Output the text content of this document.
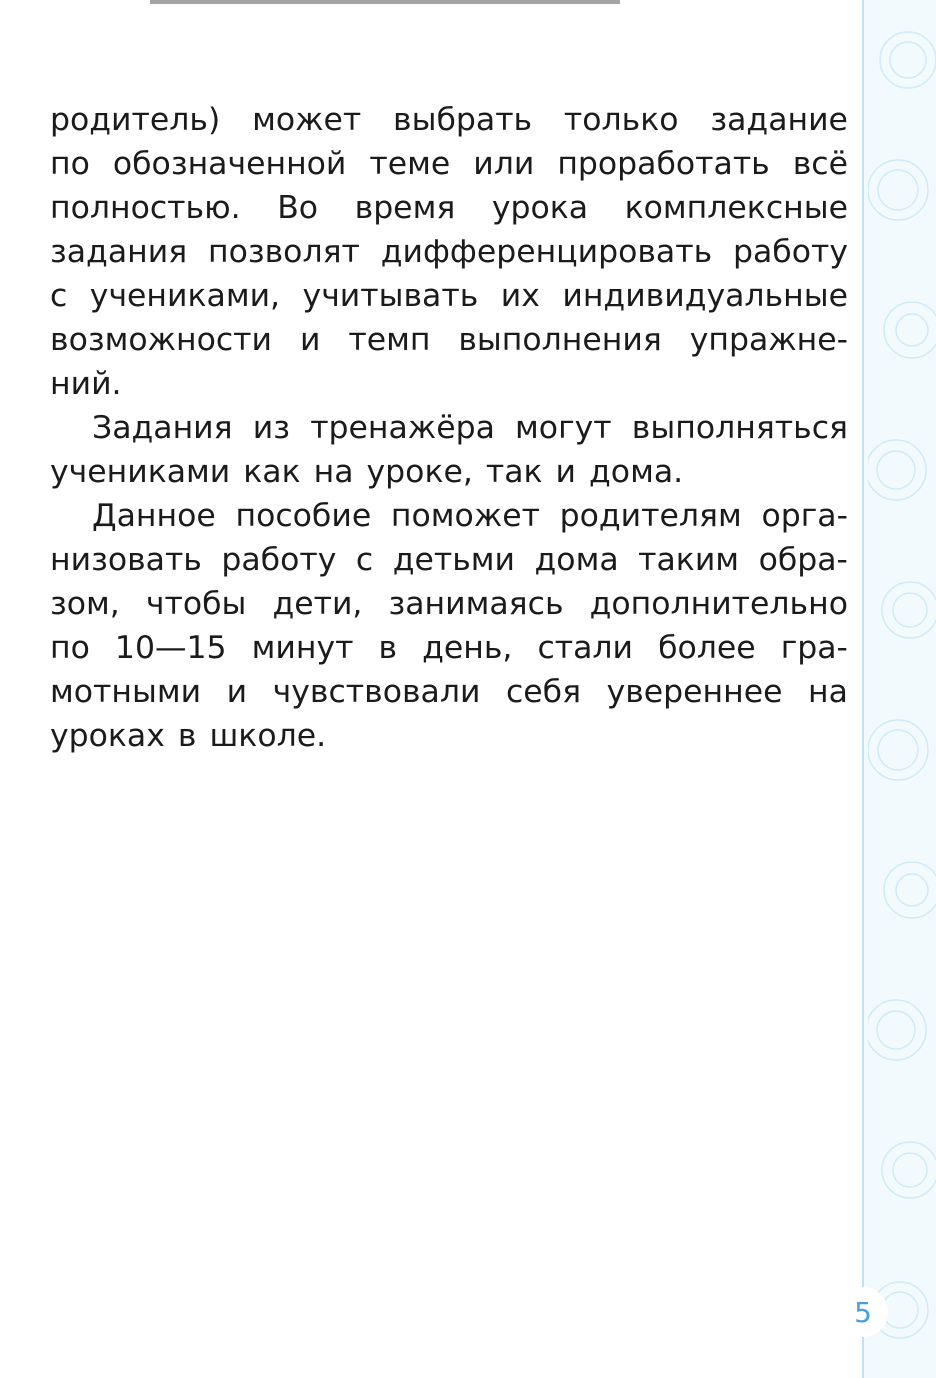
родитель) может выбрать только задание
по обозначенной теме или проработать всё
полностью. Во время урока комплексные
задания позволят дифференцировать работу
с учениками, учитывать их индивидуальные
возможности и темп выполнения упражне-
ний.
Задания из тренажёра могут выполняться
учениками как на уроке, так и дома.
Данное пособие поможет родителям орга-
низовать работу с детьми дома таким обра-
зом, чтобы дети, занимаясь дополнительно
по 10—15 минут в день, стали более гра-
мотными и чувствовали себя увереннее на
уроках в школе.
5
